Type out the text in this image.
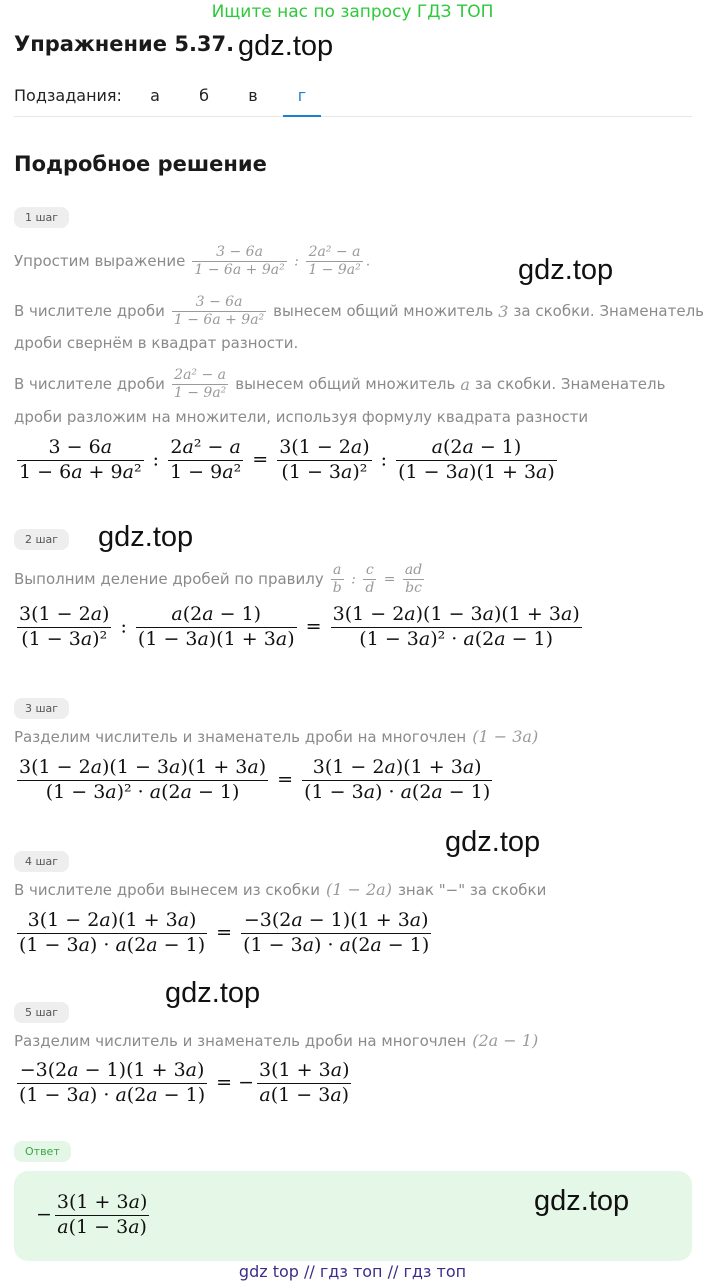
Ищите нас по запросу ГДЗ ТОП
Упражнение 5.37. gdz.top
Подзадания:	а	б	в	г
Подробное решение
1 шаг
gdz.top
Упростим выражение $\frac{3 - 6a}{\text{1 − 6a + 9a²}}$ : $\frac{\text{2a² − a}}{\text{1 − 9a²}}$ .
В числителе дроби $\frac{3 - 6a}{\text{1 − 6a + 9a²}}$ вынесем общий множитель 3 за скобки. Знаменатель
дроби свернём в квадрат разности.
В числителе дроби $\frac{\text{2a² − a}}{\text{1 − 9a²}}$ вынесем общий множитель a за скобки. Знаменатель
дроби разложим на множители, используя формулу квадрата разности
$\frac{3 - 6a}{\text{1 − 6a + 9a²}}$ : $\frac{\text{2a² − a}}{\text{1 − 9a²}} = \frac{3(1 - 2a)}{\text{(1 − 3a)²}}$ : $\frac{a(2a - 1)}{(1 - 3a)(1 + 3a)}$
2 шаг	gdz.top
Выполним деление дробей по правилу $\frac{a}{b}$ : $\frac{c}{d} = \frac{ad}{bc}$
$\frac{3(1 - 2a)}{\text{(1 − 3a)²}}$ : $\frac{a(2a - 1)}{(1 - 3a)(1 + 3a)} = \frac{3(1 - 2a)(1 - 3a)(1 + 3a)}{\text{(1 − 3a)² · a(2a − 1)}}$
3 шаг
Разделим числитель и знаменатель дроби на многочлен (1 − 3a)
$\frac{3(1 - 2a)(1 - 3a)(1 + 3a)}{\text{(1 − 3a)² · a(2a − 1)}} = \frac{3(1 - 2a)(1 + 3a)}{(1 - 3a) \cdot a(2a - 1)}$
gdz.top
4 шаг
В числителе дроби вынесем из скобки (1 − 2a) знак "−" за скобки
$\frac{3(1 - 2a)(1 + 3a)}{(1 - 3a) \cdot a(2a - 1)} = \frac{-3(2a - 1)(1 + 3a)}{(1 - 3a) \cdot a(2a - 1)}$
gdz.top
5 шаг
Разделим числитель и знаменатель дроби на многочлен (2a − 1)
$\frac{-3(2a - 1)(1 + 3a)}{(1 - 3a) \cdot a(2a - 1)}$ = − $\frac{3(1 + 3a)}{a(1 - 3a)}$
Ответ
− $\frac{3(1 + 3a)}{a(1 - 3a)}$	gdz.top
gdz top // гдз топ // гдз топ
